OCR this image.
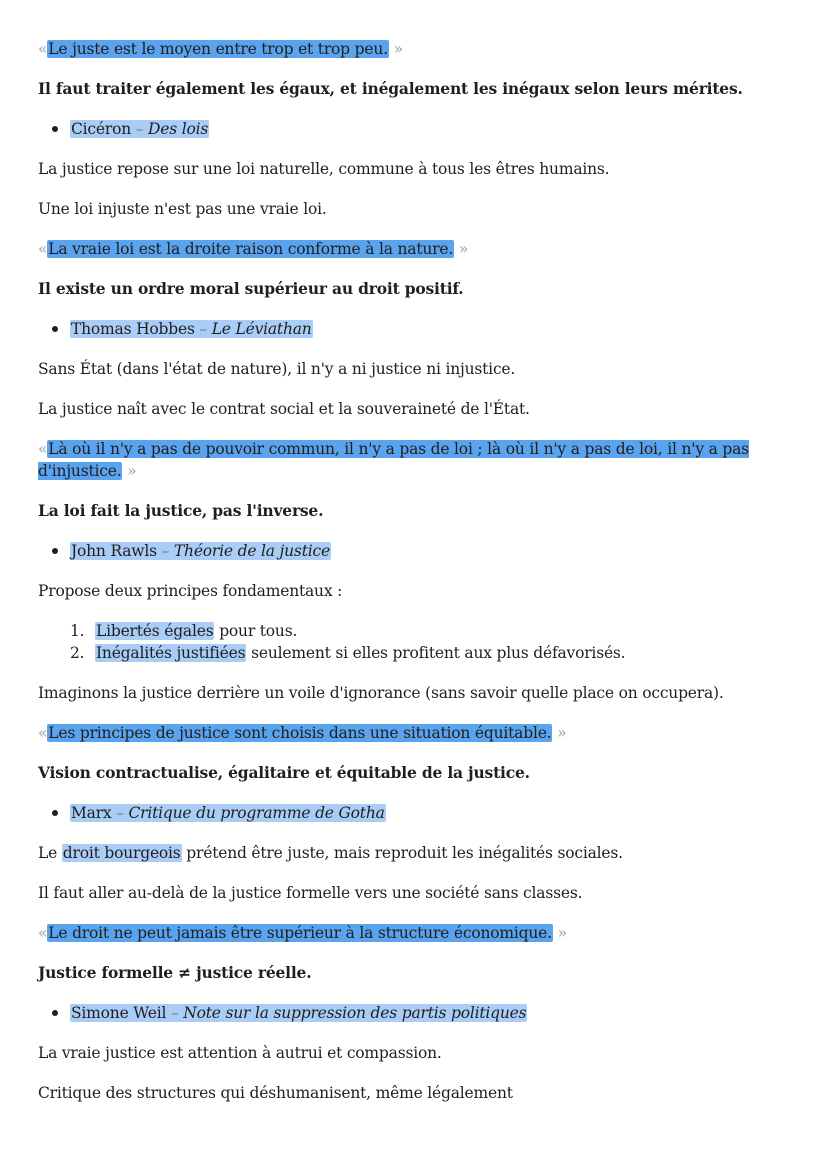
«Le juste est le moyen entre trop et trop peu. »

Il faut traiter également les égaux, et inégalement les inégaux selon leurs mérites.

Cicéron – Des lois

La justice repose sur une loi naturelle, commune à tous les êtres humains.

Une loi injuste n'est pas une vraie loi.

«La vraie loi est la droite raison conforme à la nature. »

Il existe un ordre moral supérieur au droit positif.

Thomas Hobbes – Le Léviathan

Sans État (dans l'état de nature), il n'y a ni justice ni injustice.

La justice naît avec le contrat social et la souveraineté de l'État.

«Là où il n'y a pas de pouvoir commun, il n'y a pas de loi ; là où il n'y a pas de loi, il n'y a pas d'injustice. »

La loi fait la justice, pas l'inverse.

John Rawls – Théorie de la justice

Propose deux principes fondamentaux :

1. Libertés égales pour tous.
2. Inégalités justifiées seulement si elles profitent aux plus défavorisés.

Imaginons la justice derrière un voile d'ignorance (sans savoir quelle place on occupera).

«Les principes de justice sont choisis dans une situation équitable. »

Vision contractualise, égalitaire et équitable de la justice.

Marx – Critique du programme de Gotha

Le droit bourgeois prétend être juste, mais reproduit les inégalités sociales.

Il faut aller au-delà de la justice formelle vers une société sans classes.

«Le droit ne peut jamais être supérieur à la structure économique. »

Justice formelle ≠ justice réelle.

Simone Weil – Note sur la suppression des partis politiques

La vraie justice est attention à autrui et compassion.

Critique des structures qui déshumanisent, même légalement
